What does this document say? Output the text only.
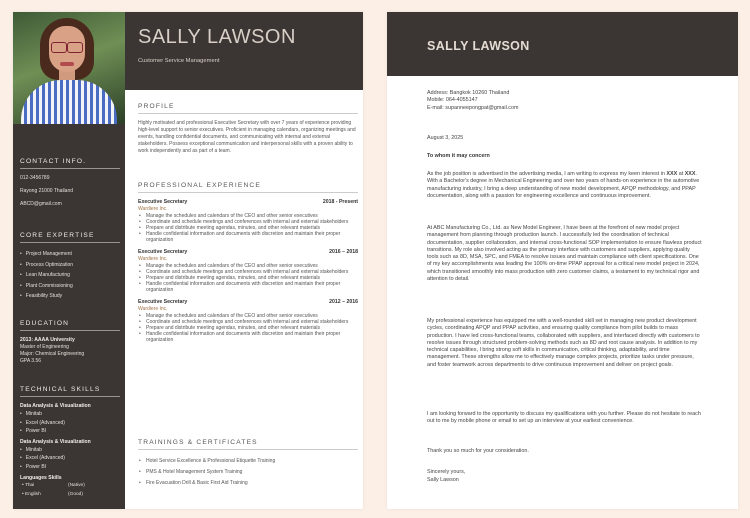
CONTACT INFO.
012-3456789
Rayong 21000 Thailand
ABCD@gmail.com
CORE EXPERTISE
• Project Management
• Process Optimization
• Lean Manufacturing
• Plant Commissioning
• Feasibility Study
EDUCATION
2013: AAAA University
Master of Engineering
Major: Chemical Engineering
GPA 3.56
TECHNICAL SKILLS
Data Analysis & Visualization
• Minitab
• Excel (Advanced)
• Power BI
Data Analysis & Visualization
• Minitab
• Excel (Advanced)
• Power BI
Languages Skills
• Thai	(Native)
• English	(Good)
SALLY LAWSON
Customer Service Management
PROFILE
Highly motivated and professional Executive Secretary with over 7 years of experience providing high-level support to senior executives. Proficient in managing calendars, organizing meetings and events, handling confidential documents, and communicating with internal and external stakeholders. Possess exceptional communication and interpersonal skills with a proven ability to work independently and as part of a team.
PROFESSIONAL EXPERIENCE
Executive Secretary	2018 - Present
Wardiere Inc.
• Manage the schedules and calendars of the CEO and other senior executives
• Coordinate and schedule meetings and conferences with internal and external stakeholders
• Prepare and distribute meeting agendas, minutes, and other relevant materials
• Handle confidential information and documents with discretion and maintain their proper organization
Executive Secretary	2016 – 2018
Wardiere Inc.
• Manage the schedules and calendars of the CEO and other senior executives
• Coordinate and schedule meetings and conferences with internal and external stakeholders
• Prepare and distribute meeting agendas, minutes, and other relevant materials
• Handle confidential information and documents with discretion and maintain their proper organization
Executive Secretary	2012 – 2016
Wardiere Inc.
• Manage the schedules and calendars of the CEO and other senior executives
• Coordinate and schedule meetings and conferences with internal and external stakeholders
• Prepare and distribute meeting agendas, minutes, and other relevant materials
• Handle confidential information and documents with discretion and maintain their proper organization
TRAININGS & CERTIFICATES
• Hotel Service Excellence & Professional Etiquette Training
• PMS & Hotel Management System Training
• Fire Evacuation Drill & Basic First Aid Training
SALLY LAWSON
Address: Bangkok 10260 Thailand
Mobile: 064-4055147
E-mail: supanneepongpat@gmail.com
August 3, 2025
To whom it may concern

As the job position is advertised in the advertising media, I am writing to express my keen interest in XXX at XXX. With a Bachelor's degree in Mechanical Engineering and over two years of hands-on experience in the automotive manufacturing industry, I bring a deep understanding of new model development, APQP methodology, and PPAP documentation, along with a passion for engineering excellence and continuous improvement.

At ABC Manufacturing Co., Ltd. as New Model Engineer, I have been at the forefront of new model project management from planning through production launch. I successfully led the coordination of technical documentation, supplier collaboration, and internal cross-functional SOP implementation to ensure flawless product transitions. My role also involved acting as the primary interface with customers and suppliers, applying quality tools such as 8D, MSA, SPC, and FMEA to resolve issues and maintain compliance with client specifications. One of my key accomplishments was leading the 100% on-time PPAP approval for a critical new model project in 2024, which transitioned smoothly into mass production with zero customer claims, a testament to my technical rigor and attention to detail.

My professional experience has equipped me with a well-rounded skill set in managing new product development cycles, coordinating APQP and PPAP activities, and ensuring quality compliance from pilot builds to mass production. I have led cross-functional teams, collaborated with suppliers, and interfaced directly with customers to resolve issues through structured problem-solving methods such as 8D and root cause analysis. In addition to my technical capabilities, I bring strong soft skills in communication, critical thinking, adaptability, and time management. These strengths allow me to effectively manage complex projects, prioritize tasks under pressure, and foster teamwork across departments to drive continuous improvement and deliver on project goals.

I am looking forward to the opportunity to discuss my qualifications with you further. Please do not hesitate to reach out to me by mobile phone or email to set up an interview at your earliest convenience.

Thank you so much for your consideration.

Sincerely yours,
Sally Lawson
